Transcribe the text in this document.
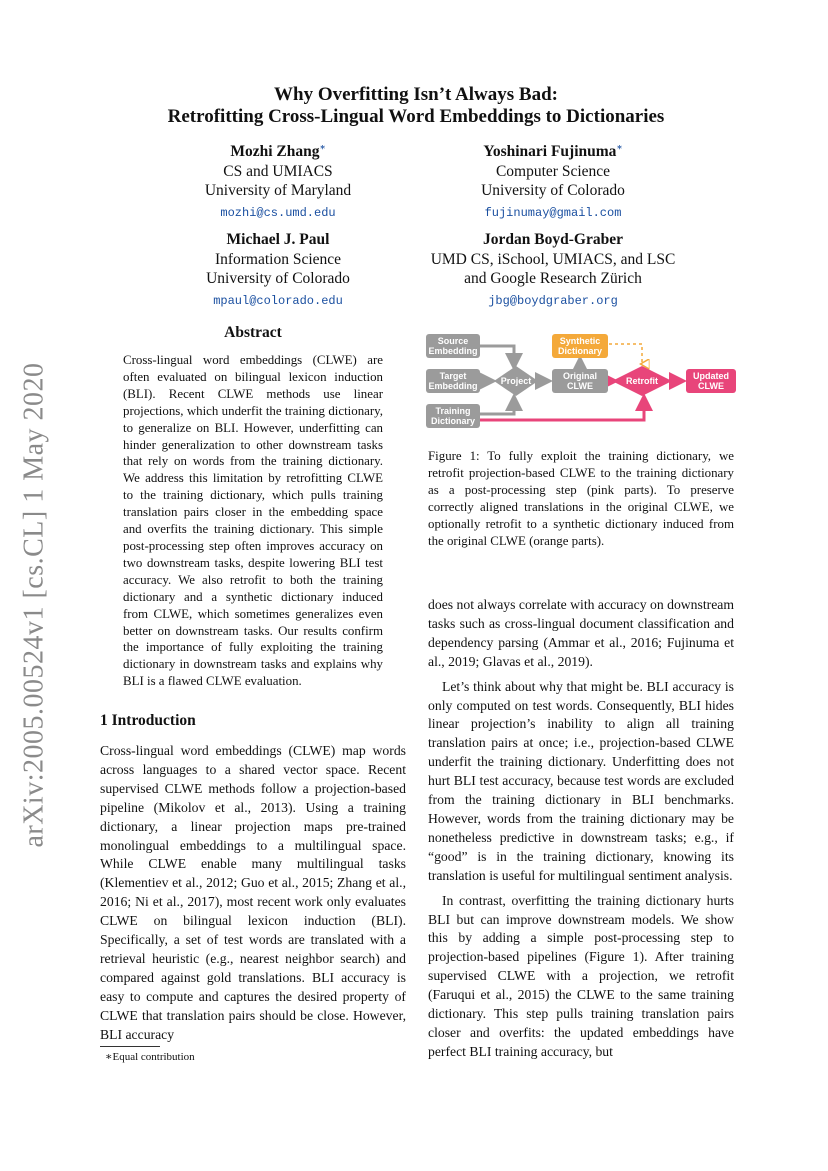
arXiv:2005.00524v1 [cs.CL] 1 May 2020
Why Overfitting Isn’t Always Bad:
Retrofitting Cross-Lingual Word Embeddings to Dictionaries
Mozhi Zhang∗
CS and UMIACS
University of Maryland
mozhi@cs.umd.edu
Yoshinari Fujinuma∗
Computer Science
University of Colorado
fujinumay@gmail.com
Michael J. Paul
Information Science
University of Colorado
mpaul@colorado.edu
Jordan Boyd-Graber
UMD CS, iSchool, UMIACS, and LSC
and Google Research Zürich
jbg@boydgraber.org
Abstract
Cross-lingual word embeddings (CLWE) are often evaluated on bilingual lexicon induction (BLI). Recent CLWE methods use linear projections, which underfit the training dictionary, to generalize on BLI. However, underfitting can hinder generalization to other downstream tasks that rely on words from the training dictionary. We address this limitation by retrofitting CLWE to the training dictionary, which pulls training translation pairs closer in the embedding space and overfits the training dictionary. This simple post-processing step often improves accuracy on two downstream tasks, despite lowering BLI test accuracy. We also retrofit to both the training dictionary and a synthetic dictionary induced from CLWE, which sometimes generalizes even better on downstream tasks. Our results confirm the importance of fully exploiting the training dictionary in downstream tasks and explains why BLI is a flawed CLWE evaluation.
1 Introduction
Cross-lingual word embeddings (CLWE) map words across languages to a shared vector space. Recent supervised CLWE methods follow a projection-based pipeline (Mikolov et al., 2013). Using a training dictionary, a linear projection maps pre-trained monolingual embeddings to a multilingual space. While CLWE enable many multilingual tasks (Klementiev et al., 2012; Guo et al., 2015; Zhang et al., 2016; Ni et al., 2017), most recent work only evaluates CLWE on bilingual lexicon induction (BLI). Specifically, a set of test words are translated with a retrieval heuristic (e.g., nearest neighbor search) and compared against gold translations. BLI accuracy is easy to compute and captures the desired property of CLWE that translation pairs should be close. However, BLI accuracy
∗Equal contribution
Source Embedding
Target Embedding
Training Dictionary
Project
Original CLWE
Synthetic Dictionary
Retrofit
Updated CLWE
Figure 1: To fully exploit the training dictionary, we retrofit projection-based CLWE to the training dictionary as a post-processing step (pink parts). To preserve correctly aligned translations in the original CLWE, we optionally retrofit to a synthetic dictionary induced from the original CLWE (orange parts).

does not always correlate with accuracy on downstream tasks such as cross-lingual document classification and dependency parsing (Ammar et al., 2016; Fujinuma et al., 2019; Glavas et al., 2019).

Let’s think about why that might be. BLI accuracy is only computed on test words. Consequently, BLI hides linear projection’s inability to align all training translation pairs at once; i.e., projection-based CLWE underfit the training dictionary. Underfitting does not hurt BLI test accuracy, because test words are excluded from the training dictionary in BLI benchmarks. However, words from the training dictionary may be nonetheless predictive in downstream tasks; e.g., if “good” is in the training dictionary, knowing its translation is useful for multilingual sentiment analysis.

In contrast, overfitting the training dictionary hurts BLI but can improve downstream models. We show this by adding a simple post-processing step to projection-based pipelines (Figure 1). After training supervised CLWE with a projection, we retrofit (Faruqui et al., 2015) the CLWE to the same training dictionary. This step pulls training translation pairs closer and overfits: the updated embeddings have perfect BLI training accuracy, but
